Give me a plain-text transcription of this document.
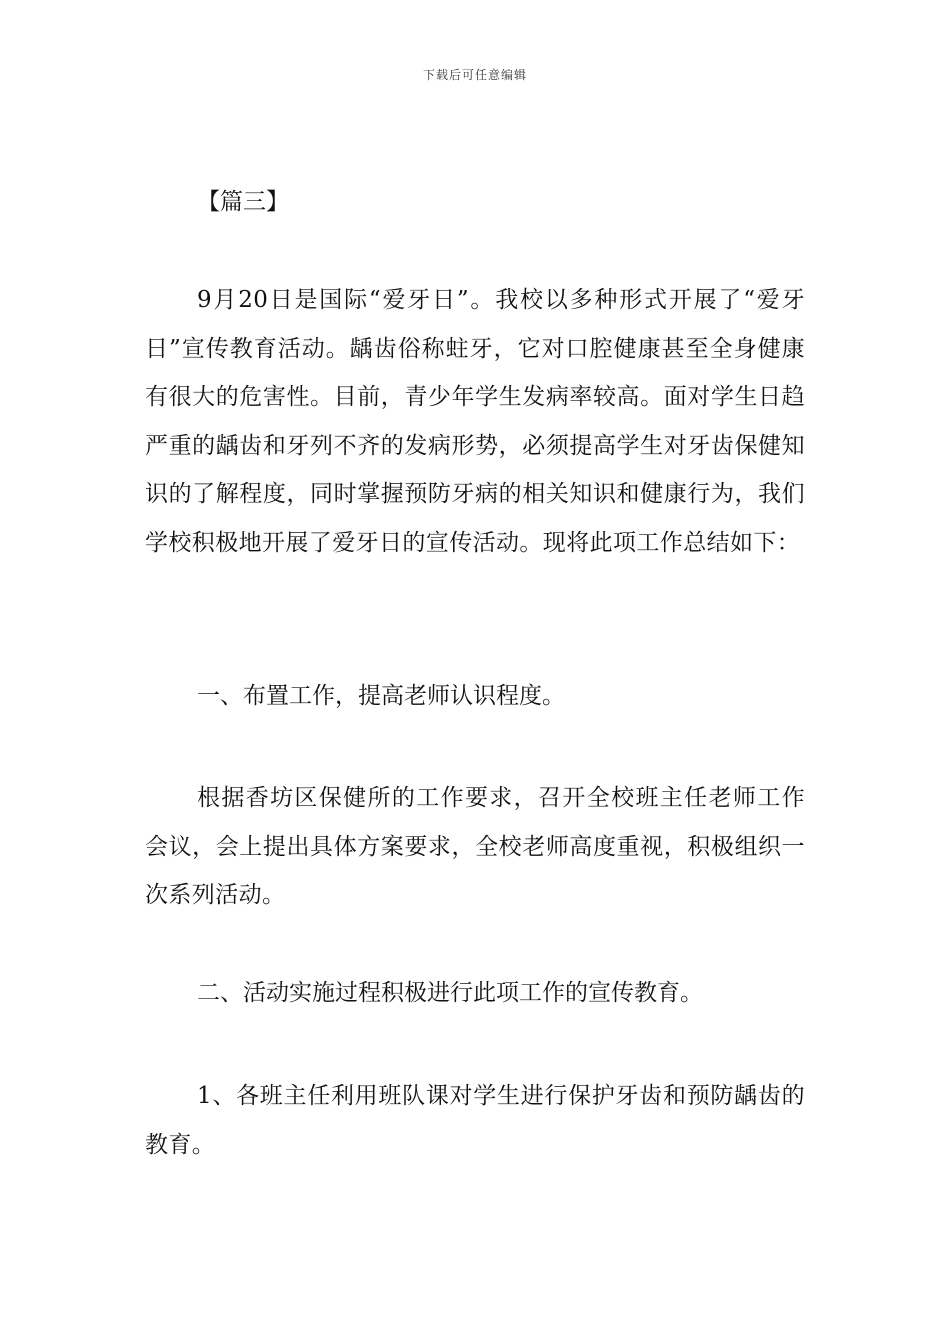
下载后可任意编辑
【篇三】
9月20日是国际“爱牙日”。我校以多种形式开展了“爱牙日”宣传教育活动。龋齿俗称蛀牙，它对口腔健康甚至全身健康有很大的危害性。目前，青少年学生发病率较高。面对学生日趋严重的龋齿和牙列不齐的发病形势，必须提高学生对牙齿保健知识的了解程度，同时掌握预防牙病的相关知识和健康行为，我们学校积极地开展了爱牙日的宣传活动。现将此项工作总结如下：
一、布置工作，提高老师认识程度。
根据香坊区保健所的工作要求，召开全校班主任老师工作会议，会上提出具体方案要求，全校老师高度重视，积极组织一次系列活动。
二、活动实施过程积极进行此项工作的宣传教育。
1、各班主任利用班队课对学生进行保护牙齿和预防龋齿的教育。
